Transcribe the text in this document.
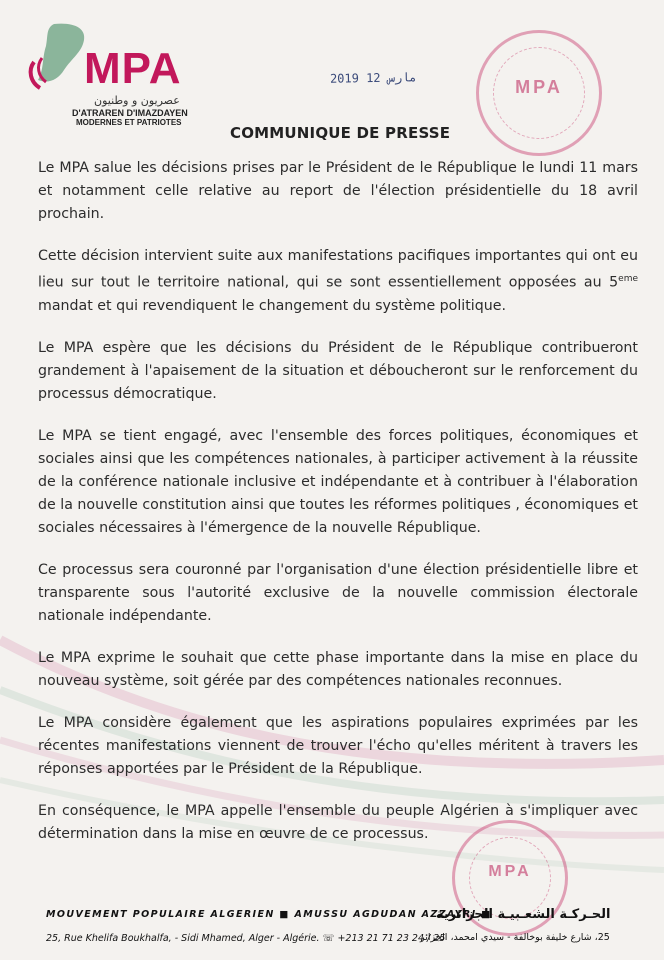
MPA
عصريون و وطنيون
D'ATRAREN D'IMAZDAYEN
MODERNES ET PATRIOTES
2019 مارس 12	MPA
COMMUNIQUE DE PRESSE

Le MPA salue les décisions prises par le Président de le République le lundi 11 mars et notamment celle relative au report de l'élection présidentielle du 18 avril prochain.

Cette décision intervient suite aux manifestations pacifiques importantes qui ont eu lieu sur tout le territoire national, qui se sont essentiellement opposées au 5eme mandat et qui revendiquent le changement du système politique.

Le MPA espère que les décisions du Président de le République contribueront grandement à l'apaisement de la situation et déboucheront sur le renforcement du processus démocratique.

Le MPA se tient engagé, avec l'ensemble des forces politiques, économiques et sociales ainsi que les compétences nationales, à participer activement à la réussite de la conférence nationale inclusive et indépendante et à contribuer à l'élaboration de la nouvelle constitution ainsi que toutes les réformes politiques , économiques et sociales nécessaires à l'émergence de la nouvelle République.

Ce processus sera couronné par l'organisation d'une élection présidentielle libre et transparente sous l'autorité exclusive de la nouvelle commission électorale nationale indépendante.

Le MPA exprime le souhait que cette phase importante dans la mise en place du nouveau système, soit gérée par des compétences nationales reconnues.

Le MPA considère également que les aspirations populaires exprimées par les récentes manifestations viennent de trouver l'écho qu'elles méritent à travers les réponses apportées par le Président de la République.

En conséquence, le MPA appelle l'ensemble du peuple Algérien à s'impliquer avec détermination dans la mise en œuvre de ce processus.

MPA
MOUVEMENT POPULAIRE ALGERIEN ■ AMUSSU AGDUDAN AZZAYRI ■
الحـركـة الشعـبيـة الجزائرية
25, Rue Khelifa Boukhalfa, - Sidi Mhamed, Alger - Algérie. ☏ +213 21 71 23 24 / 25
25، شارع خليفة بوخالفة - سيدي امحمد، الجزائر
